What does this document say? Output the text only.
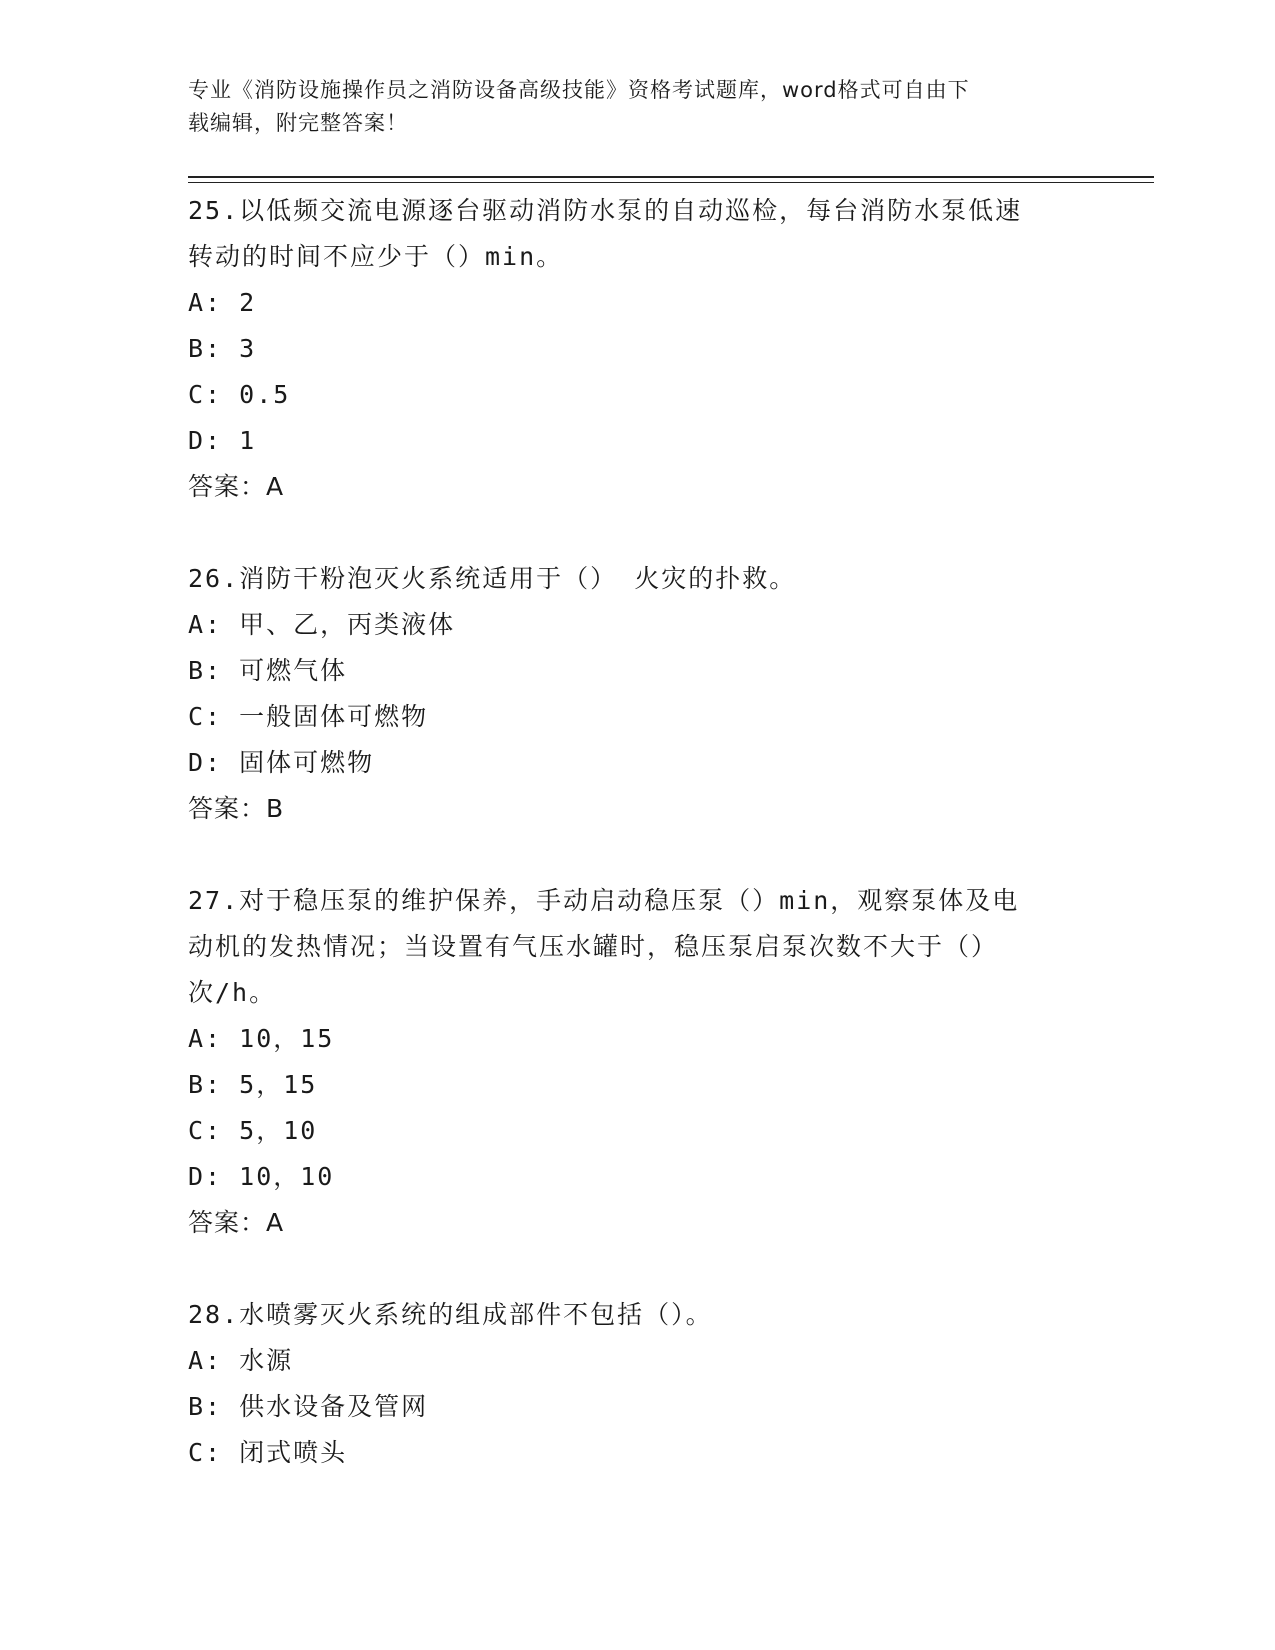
专业《消防设施操作员之消防设备高级技能》资格考试题库，word格式可自由下
载编辑，附完整答案！

25.以低频交流电源逐台驱动消防水泵的自动巡检，每台消防水泵低速

转动的时间不应少于（）min。

A: 2

B: 3

C: 0.5

D: 1

答案：A

26.消防干粉泡灭火系统适用于（） 火灾的扑救。

A: 甲、乙，丙类液体

B: 可燃气体

C: 一般固体可燃物

D: 固体可燃物

答案：B

27.对于稳压泵的维护保养，手动启动稳压泵（）min，观察泵体及电

动机的发热情况；当设置有气压水罐时，稳压泵启泵次数不大于（）

次/h。

A: 10，15

B: 5，15

C: 5，10

D: 10，10

答案：A

28.水喷雾灭火系统的组成部件不包括（）。

A: 水源

B: 供水设备及管网

C: 闭式喷头
